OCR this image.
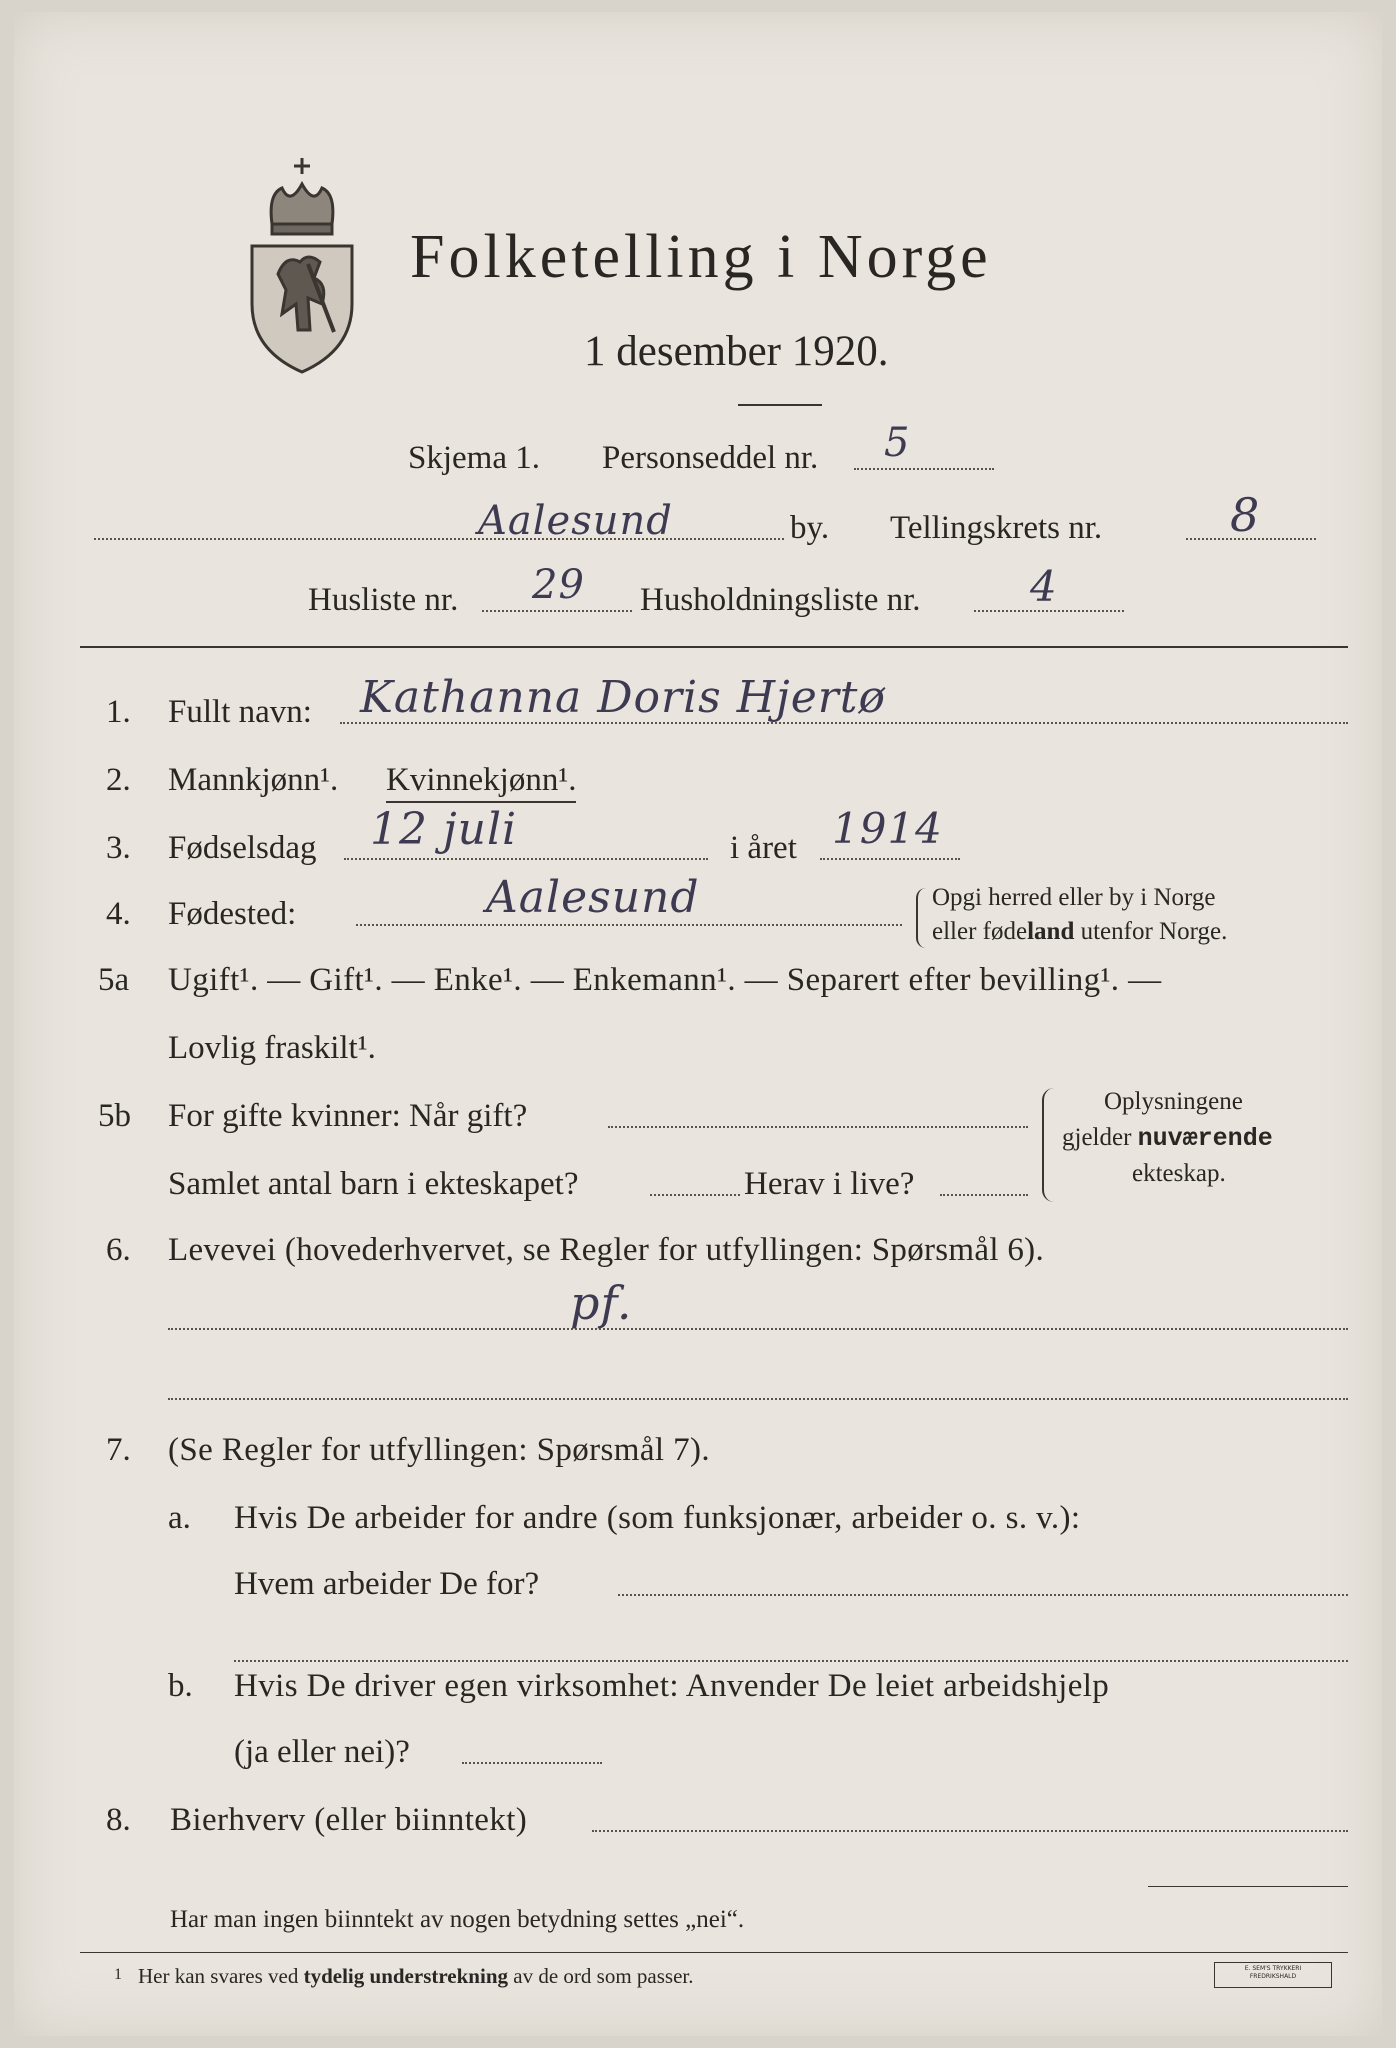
Folketelling i Norge
1 desember 1920.
Skjema 1. Personseddel nr. 5
Aalesund	by. Tellingskrets nr.	8
Husliste nr. 29 Husholdningsliste nr.	4
1. Fullt navn: Kathanna Doris Hjertø
2. Mannkjønn¹. Kvinnekjønn¹.
3. Fødselsdag 12 juli	i året 1914
4. Fødested:	Aalesund	Opgi herred eller by i Norge
eller fødeland utenfor Norge.
5a Ugift¹. — Gift¹. — Enke¹. — Enkemann¹. — Separert efter bevilling¹. —
Lovlig fraskilt¹.
5b For gifte kvinner: Når gift?
Samlet antal barn i ekteskapet?	Herav i live?
Oplysningene
gjelder nuværende
ekteskap.
6. Levevei (hovederhvervet, se Regler for utfyllingen: Spørsmål 6).
pf.
7. (Se Regler for utfyllingen: Spørsmål 7).
a. Hvis De arbeider for andre (som funksjonær, arbeider o. s. v.):
Hvem arbeider De for?
b. Hvis De driver egen virksomhet: Anvender De leiet arbeidshjelp
(ja eller nei)?
8. Bierhverv (eller biinntekt)
Har man ingen biinntekt av nogen betydning settes „nei“.
1 Her kan svares ved tydelig understrekning av de ord som passer.	E. SEM'S TRYKKERI
FREDRIKSHALD
